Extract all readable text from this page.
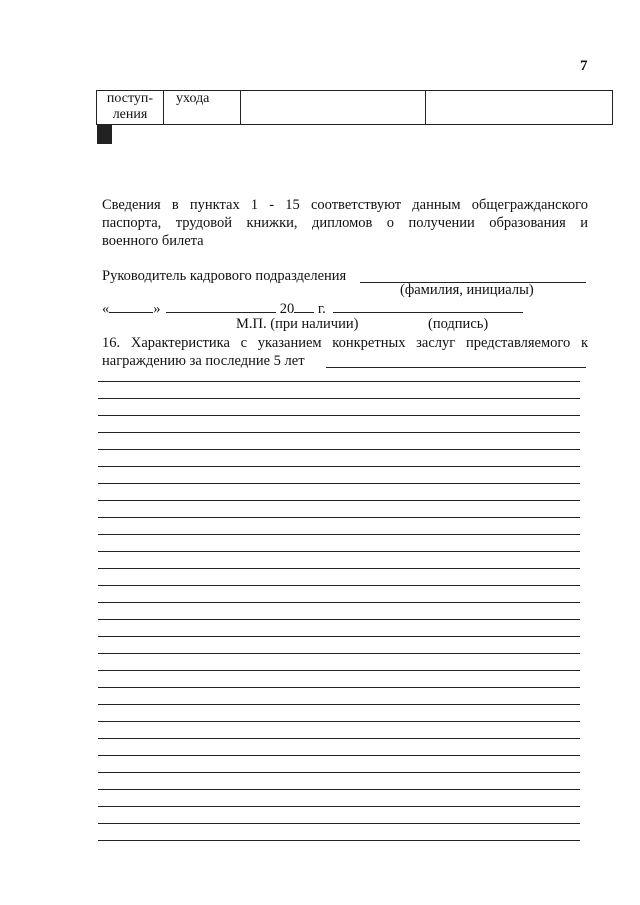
7
поступ-
ления	ухода		

Сведения в пунктах 1 - 15 соответствуют данным общегражданского
паспорта, трудовой книжки, дипломов о получении образования и
военного билета
Руководитель кадрового подразделения
(фамилия, инициалы)
«	»	20 г.
М.П. (при наличии)	(подпись)
16. Характеристика с указанием конкретных заслуг представляемого к
награждению за последние 5 лет
